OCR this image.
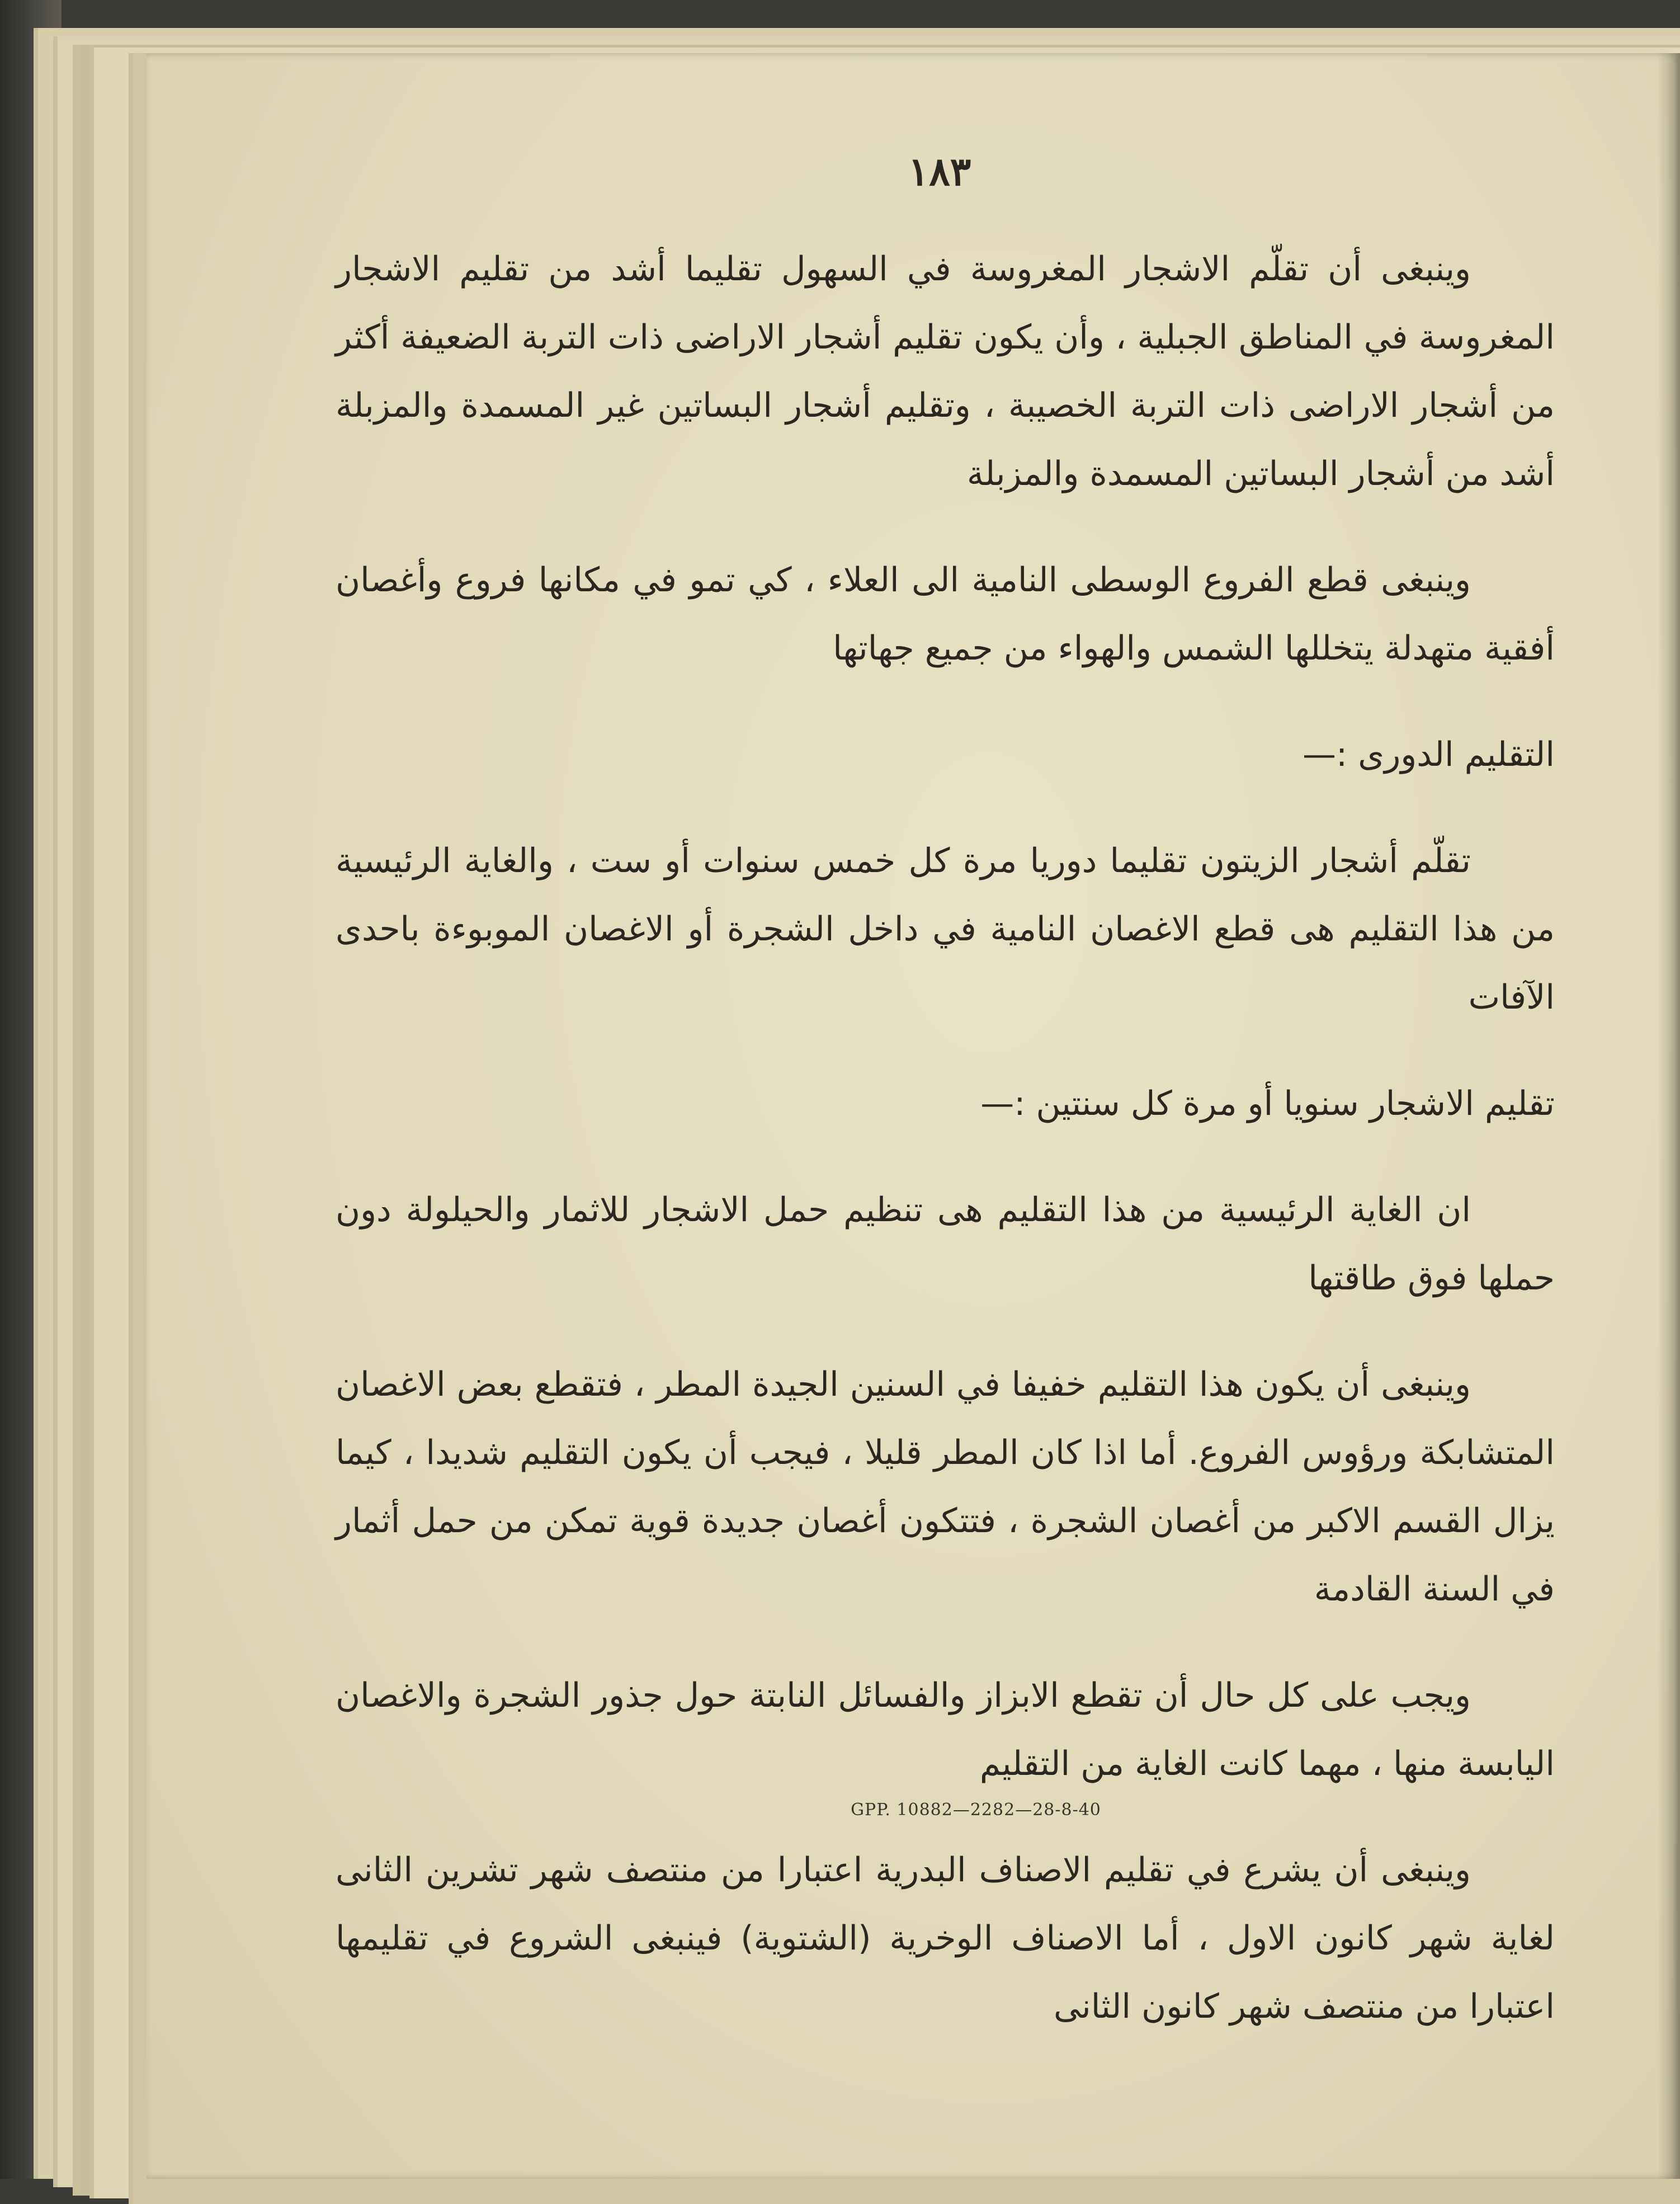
١٨٣

وينبغى أن تقلّم الاشجار المغروسة في السهول تقليما أشد من تقليم الاشجار المغروسة في المناطق الجبلية ، وأن يكون تقليم أشجار الاراضى ذات التربة الضعيفة أكثر من أشجار الاراضى ذات التربة الخصيبة ، وتقليم أشجار البساتين غير المسمدة والمزبلة أشد من أشجار البساتين المسمدة والمزبلة

وينبغى قطع الفروع الوسطى النامية الى العلاء ، كي تمو في مكانها فروع وأغصان أفقية متهدلة يتخللها الشمس والهواء من جميع جهاتها

التقليم الدورى :—

تقلّم أشجار الزيتون تقليما دوريا مرة كل خمس سنوات أو ست ، والغاية الرئيسية من هذا التقليم هى قطع الاغصان النامية في داخل الشجرة أو الاغصان الموبوءة باحدى الآفات

تقليم الاشجار سنويا أو مرة كل سنتين :—

ان الغاية الرئيسية من هذا التقليم هى تنظيم حمل الاشجار للاثمار والحيلولة دون حملها فوق طاقتها

وينبغى أن يكون هذا التقليم خفيفا في السنين الجيدة المطر ، فتقطع بعض الاغصان المتشابكة ورؤوس الفروع. أما اذا كان المطر قليلا ، فيجب أن يكون التقليم شديدا ، كيما يزال القسم الاكبر من أغصان الشجرة ، فتتكون أغصان جديدة قوية تمكن من حمل أثمار في السنة القادمة

ويجب على كل حال أن تقطع الابزاز والفسائل النابتة حول جذور الشجرة والاغصان اليابسة منها ، مهما كانت الغاية من التقليم

وينبغى أن يشرع في تقليم الاصناف البدرية اعتبارا من منتصف شهر تشرين الثانى لغاية شهر كانون الاول ، أما الاصناف الوخرية (الشتوية) فينبغى الشروع في تقليمها اعتبارا من منتصف شهر كانون الثانى

GPP. 10882—2282—28-8-40
